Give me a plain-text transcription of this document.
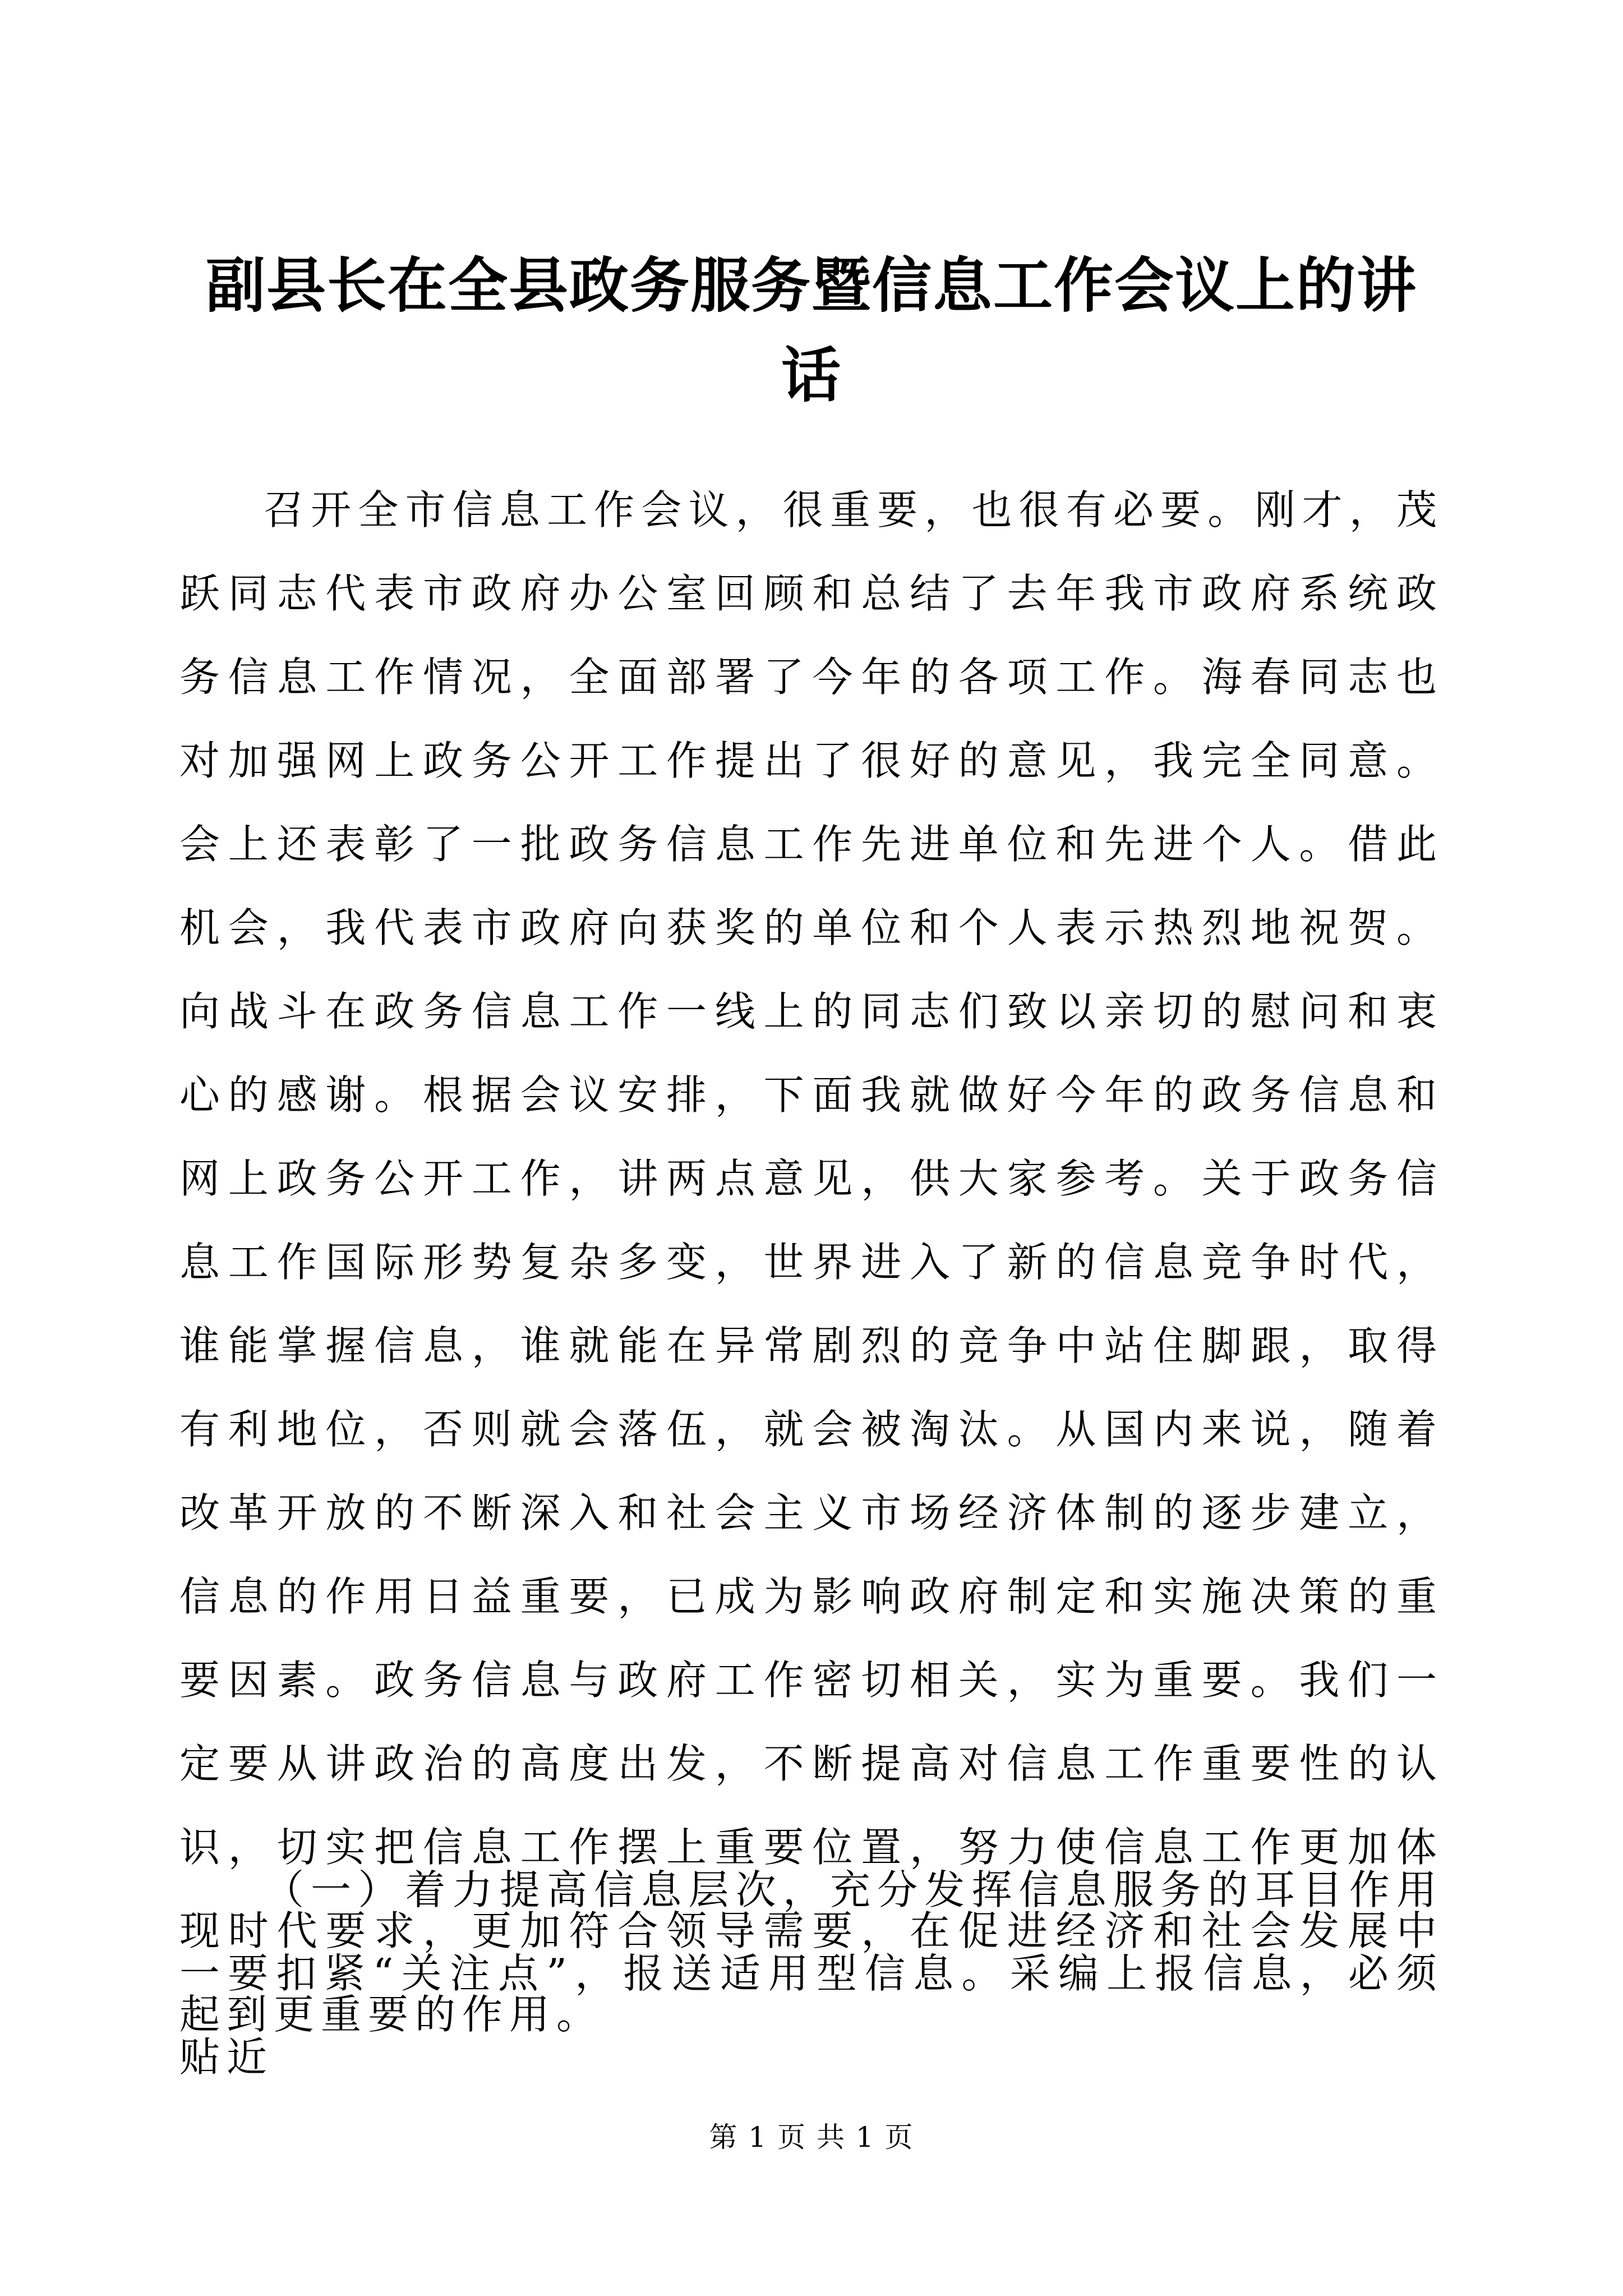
副县长在全县政务服务暨信息工作会议上的讲话

召开全市信息工作会议，很重要，也很有必要。刚才，茂跃同志代表市政府办公室回顾和总结了去年我市政府系统政务信息工作情况，全面部署了今年的各项工作。海春同志也对加强网上政务公开工作提出了很好的意见，我完全同意。会上还表彰了一批政务信息工作先进单位和先进个人。借此机会，我代表市政府向获奖的单位和个人表示热烈地祝贺。向战斗在政务信息工作一线上的同志们致以亲切的慰问和衷心的感谢。根据会议安排，下面我就做好今年的政务信息和网上政务公开工作，讲两点意见，供大家参考。关于政务信息工作国际形势复杂多变，世界进入了新的信息竞争时代，谁能掌握信息，谁就能在异常剧烈的竞争中站住脚跟，取得有利地位，否则就会落伍，就会被淘汰。从国内来说，随着改革开放的不断深入和社会主义市场经济体制的逐步建立，信息的作用日益重要，已成为影响政府制定和实施决策的重要因素。政务信息与政府工作密切相关，实为重要。我们一定要从讲政治的高度出发，不断提高对信息工作重要性的认识，切实把信息工作摆上重要位置，努力使信息工作更加体现时代要求，更加符合领导需要，在促进经济和社会发展中起到更重要的作用。

（一）着力提高信息层次，充分发挥信息服务的耳目作用一要扣紧“关注点”，报送适用型信息。采编上报信息，必须贴近

第 1 页 共 1 页
